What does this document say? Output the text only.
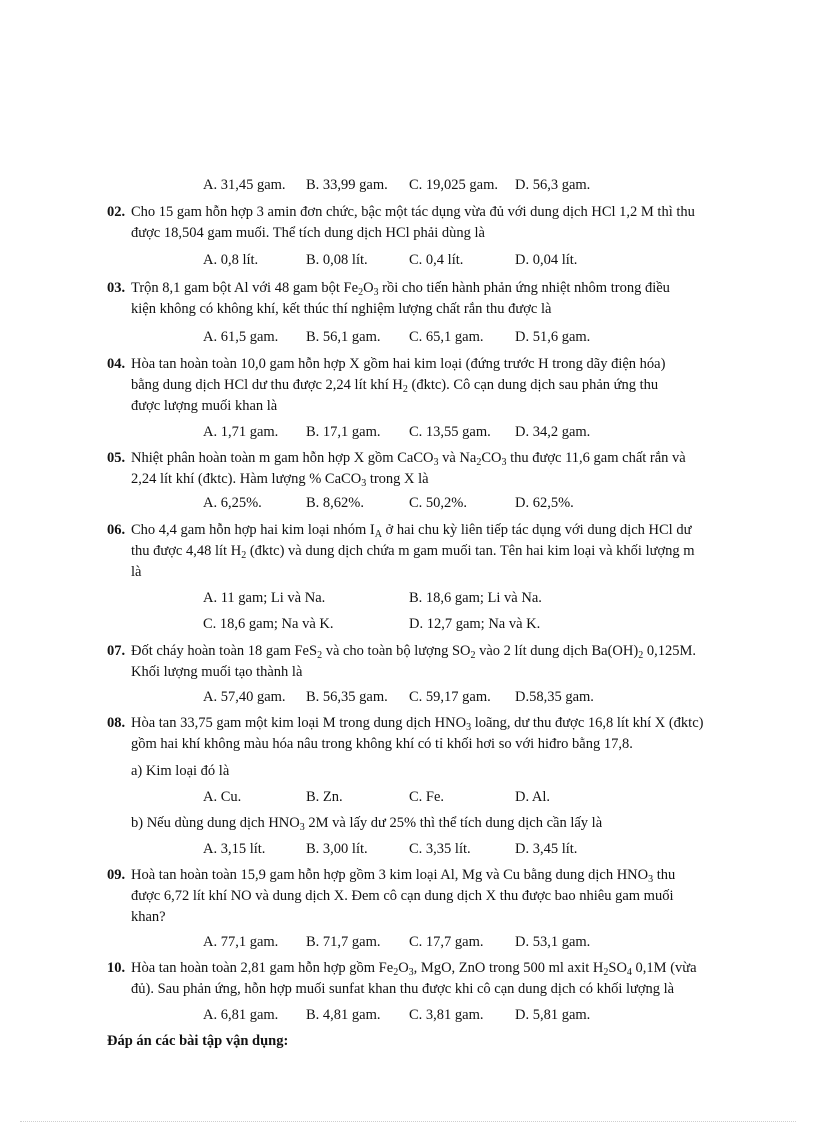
A. 31,45 gam. B. 33,99 gam. C. 19,025 gam. D. 56,3 gam.
02. Cho 15 gam hỗn hợp 3 amin đơn chức, bậc một tác dụng vừa đủ với dung dịch HCl 1,2 M thì thu
được 18,504 gam muối. Thể tích dung dịch HCl phải dùng là
A. 0,8 lít.	B. 0,08 lít.	C. 0,4 lít.	D. 0,04 lít.
03. Trộn 8,1 gam bột Al với 48 gam bột $Fe_2O_3$ rồi cho tiến hành phản ứng nhiệt nhôm trong điều
kiện không có không khí, kết thúc thí nghiệm lượng chất rắn thu được là
A. 61,5 gam. B. 56,1 gam. C. 65,1 gam. D. 51,6 gam.
04. Hòa tan hoàn toàn 10,0 gam hỗn hợp X gồm hai kim loại (đứng trước H trong dãy điện hóa)
bằng dung dịch HCl dư thu được 2,24 lít khí $H_2$ (đktc). Cô cạn dung dịch sau phản ứng thu
được lượng muối khan là
A. 1,71 gam. B. 17,1 gam. C. 13,55 gam. D. 34,2 gam.
05. Nhiệt phân hoàn toàn m gam hỗn hợp X gồm CaCO$_3$ và $Na_2CO_3$ thu được 11,6 gam chất rắn và
2,24 lít khí (đktc). Hàm lượng % CaCO$_3$ trong X là
A. 6,25%.	B. 8,62%.	C. 50,2%.	D. 62,5%.
06. Cho 4,4 gam hỗn hợp hai kim loại nhóm $I_A$ ở hai chu kỳ liên tiếp tác dụng với dung dịch HCl dư
thu được 4,48 lít $H_2$ (đktc) và dung dịch chứa m gam muối tan. Tên hai kim loại và khối lượng m
là
A. 11 gam; Li và Na.	B. 18,6 gam; Li và Na.
C. 18,6 gam; Na và K.	D. 12,7 gam; Na và K.
07. Đốt cháy hoàn toàn 18 gam FeS$_2$ và cho toàn bộ lượng $SO_2$ vào 2 lít dung dịch $Ba(OH)_2$ 0,125M.
Khối lượng muối tạo thành là
A. 57,40 gam. B. 56,35 gam. C. 59,17 gam. D.58,35 gam.
08. Hòa tan 33,75 gam một kim loại M trong dung dịch $HNO_3$ loãng, dư thu được 16,8 lít khí X (đktc)
gồm hai khí không màu hóa nâu trong không khí có tỉ khối hơi so với hiđro bằng 17,8.
a) Kim loại đó là
A. Cu.	B. Zn.	C. Fe.	D. Al.
b) Nếu dùng dung dịch $HNO_3$ 2M và lấy dư 25% thì thể tích dung dịch cần lấy là
A. 3,15 lít.	B. 3,00 lít.	C. 3,35 lít.	D. 3,45 lít.
09. Hoà tan hoàn toàn 15,9 gam hỗn hợp gồm 3 kim loại Al, Mg và Cu bằng dung dịch $HNO_3$ thu
được 6,72 lít khí NO và dung dịch X. Đem cô cạn dung dịch X thu được bao nhiêu gam muối
khan?
A. 77,1 gam. B. 71,7 gam. C. 17,7 gam. D. 53,1 gam.
10. Hòa tan hoàn toàn 2,81 gam hỗn hợp gồm $Fe_2O_3$, MgO, ZnO trong 500 ml axit $H_2SO_4$ 0,1M (vừa
đủ). Sau phản ứng, hỗn hợp muối sunfat khan thu được khi cô cạn dung dịch có khối lượng là
A. 6,81 gam. B. 4,81 gam. C. 3,81 gam. D. 5,81 gam.
Đáp án các bài tập vận dụng:
